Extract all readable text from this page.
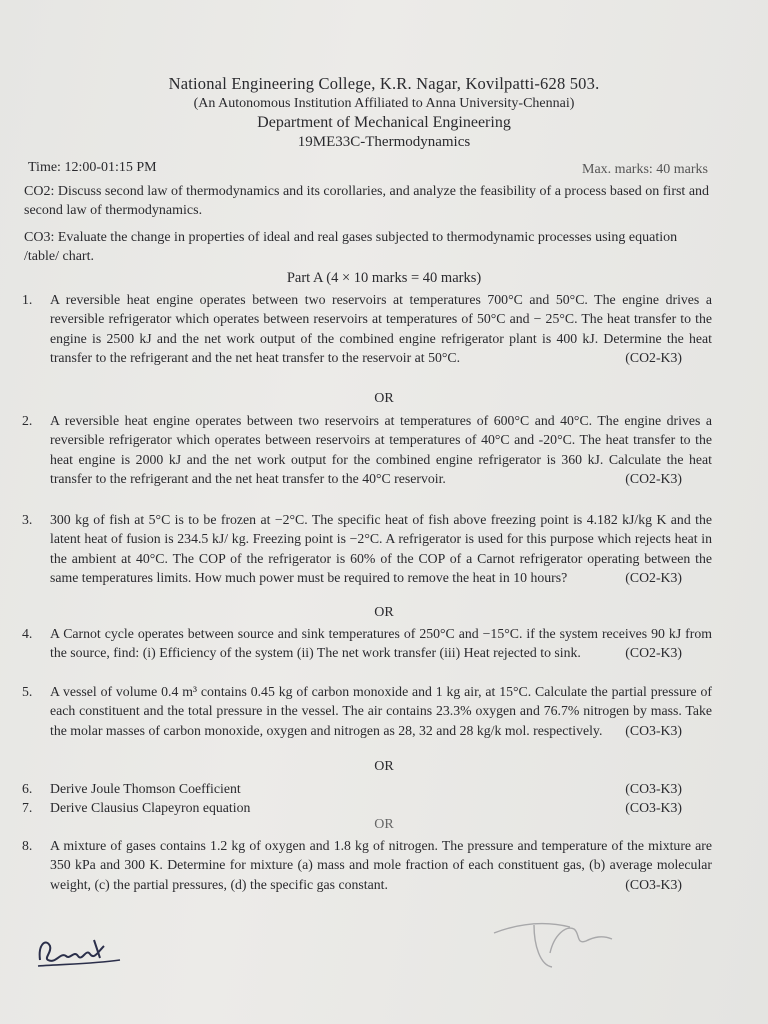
National Engineering College, K.R. Nagar, Kovilpatti-628 503.
(An Autonomous Institution Affiliated to Anna University-Chennai)
Department of Mechanical Engineering
19ME33C-Thermodynamics
Time: 12:00-01:15 PM	Max. marks: 40 marks
CO2: Discuss second law of thermodynamics and its corollaries, and analyze the feasibility of a process based on first and second law of thermodynamics.
CO3: Evaluate the change in properties of ideal and real gases subjected to thermodynamic processes using equation /table/ chart.
Part A (4 × 10 marks = 40 marks)
1.	A reversible heat engine operates between two reservoirs at temperatures 700°C and 50°C. The engine drives a reversible refrigerator which operates between reservoirs at temperatures of 50°C and − 25°C. The heat transfer to the engine is 2500 kJ and the net work output of the combined engine refrigerator plant is 400 kJ. Determine the heat transfer to the refrigerant and the net heat transfer to the reservoir at 50°C.	(CO2-K3)
OR
2.	A reversible heat engine operates between two reservoirs at temperatures of 600°C and 40°C. The engine drives a reversible refrigerator which operates between reservoirs at temperatures of 40°C and -20°C. The heat transfer to the heat engine is 2000 kJ and the net work output for the combined engine refrigerator is 360 kJ. Calculate the heat transfer to the refrigerant and the net heat transfer to the 40°C reservoir.	(CO2-K3)
3.	300 kg of fish at 5°C is to be frozen at −2°C. The specific heat of fish above freezing point is 4.182 kJ/kg K and the latent heat of fusion is 234.5 kJ/ kg. Freezing point is −2°C. A refrigerator is used for this purpose which rejects heat in the ambient at 40°C. The COP of the refrigerator is 60% of the COP of a Carnot refrigerator operating between the same temperatures limits. How much power must be required to remove the heat in 10 hours?	(CO2-K3)
OR
4.	A Carnot cycle operates between source and sink temperatures of 250°C and −15°C. if the system receives 90 kJ from the source, find: (i) Efficiency of the system (ii) The net work transfer (iii) Heat rejected to sink.	(CO2-K3)
5.	A vessel of volume 0.4 m³ contains 0.45 kg of carbon monoxide and 1 kg air, at 15°C. Calculate the partial pressure of each constituent and the total pressure in the vessel. The air contains 23.3% oxygen and 76.7% nitrogen by mass. Take the molar masses of carbon monoxide, oxygen and nitrogen as 28, 32 and 28 kg/k mol. respectively.	(CO3-K3)
OR
6.	Derive Joule Thomson Coefficient	(CO3-K3)
7.	Derive Clausius Clapeyron equation	(CO3-K3)
OR
8.	A mixture of gases contains 1.2 kg of oxygen and 1.8 kg of nitrogen. The pressure and temperature of the mixture are 350 kPa and 300 K. Determine for mixture (a) mass and mole fraction of each constituent gas, (b) average molecular weight, (c) the partial pressures, (d) the specific gas constant.	(CO3-K3)
